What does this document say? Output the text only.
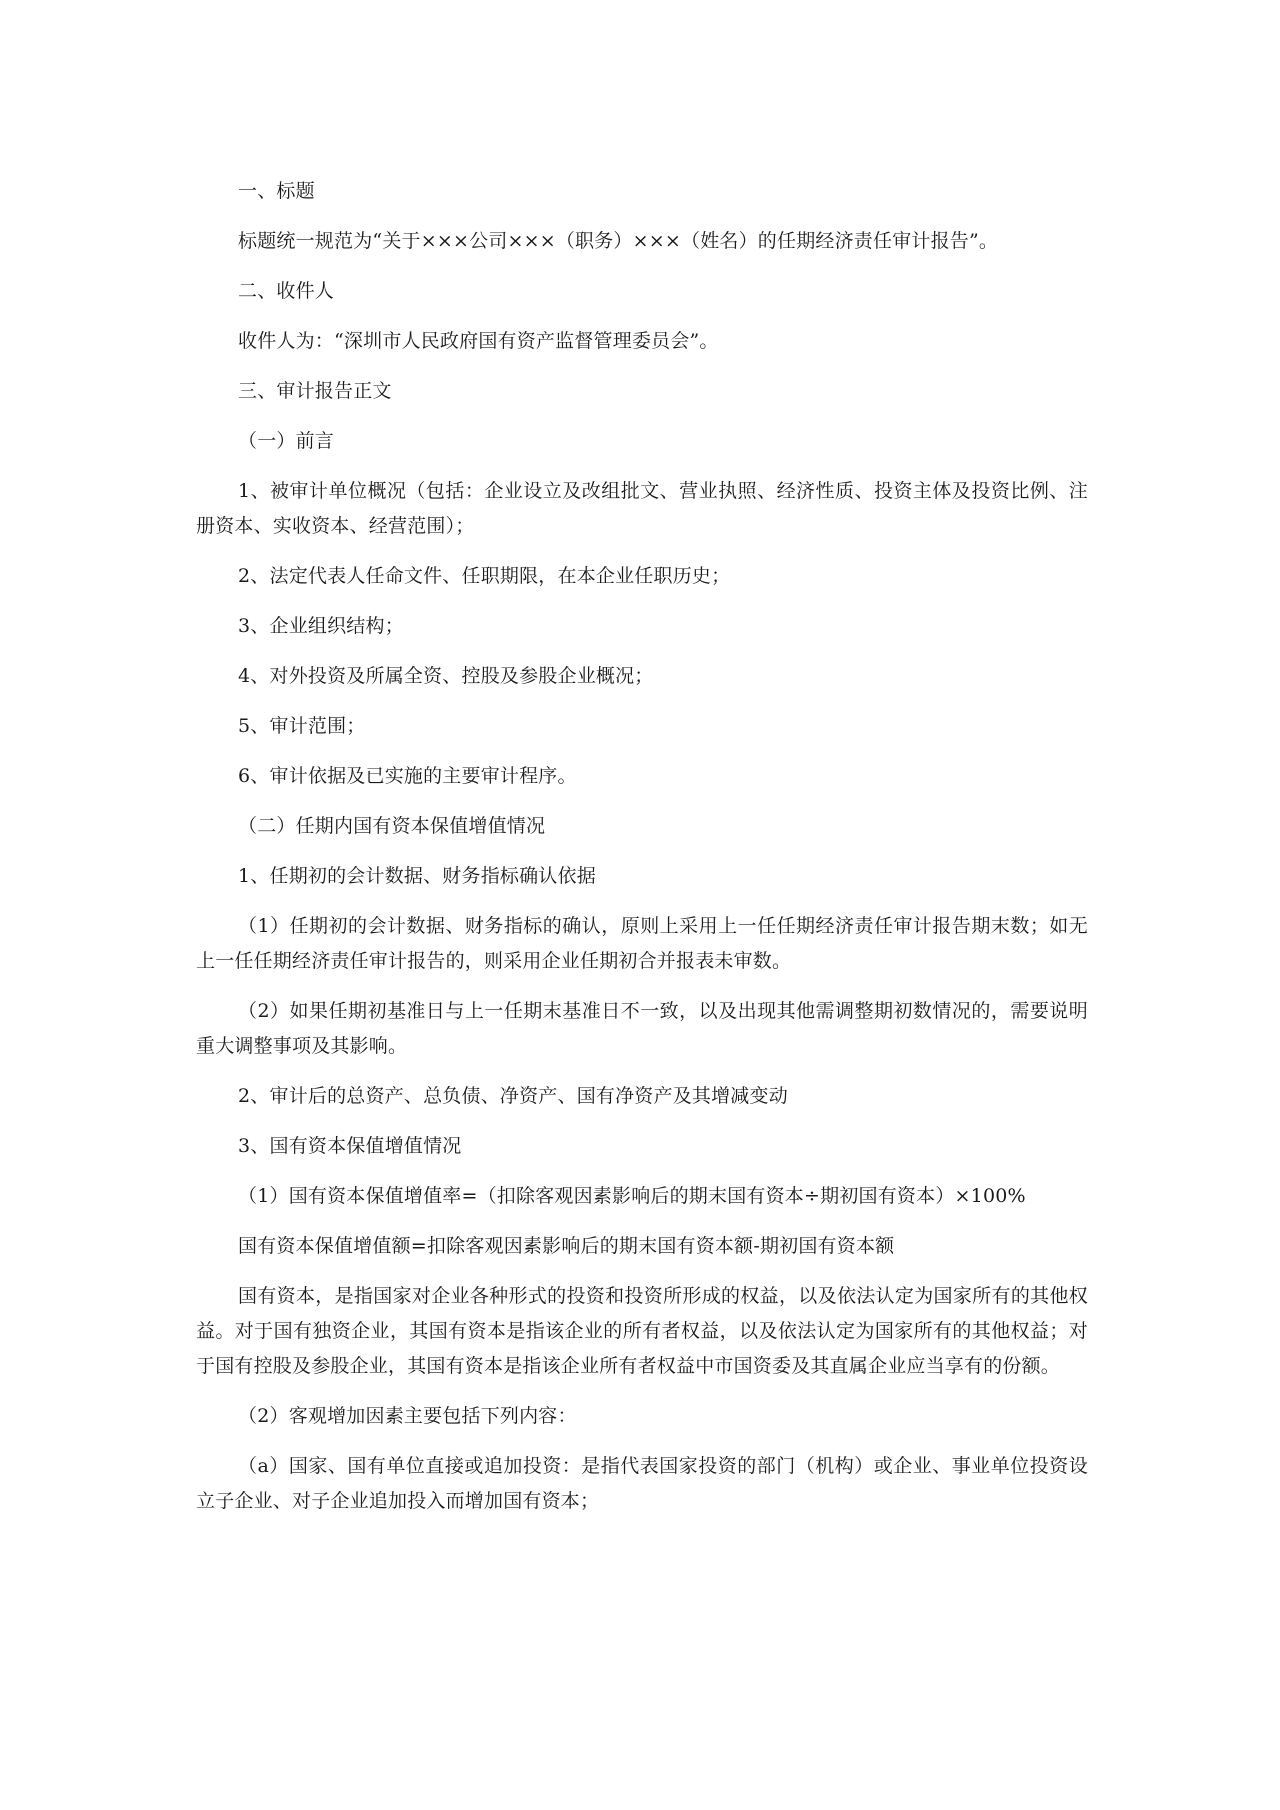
一、标题

标题统一规范为“关于×××公司×××（职务）×××（姓名）的任期经济责任审计报告”。

二、收件人

收件人为：“深圳市人民政府国有资产监督管理委员会”。

三、审计报告正文

（一）前言

1、被审计单位概况（包括：企业设立及改组批文、营业执照、经济性质、投资主体及投资比例、注册资本、实收资本、经营范围）；

2、法定代表人任命文件、任职期限，在本企业任职历史；

3、企业组织结构；

4、对外投资及所属全资、控股及参股企业概况；

5、审计范围；

6、审计依据及已实施的主要审计程序。

（二）任期内国有资本保值增值情况

1、任期初的会计数据、财务指标确认依据

（1）任期初的会计数据、财务指标的确认，原则上采用上一任任期经济责任审计报告期末数；如无上一任任期经济责任审计报告的，则采用企业任期初合并报表未审数。

（2）如果任期初基准日与上一任期末基准日不一致，以及出现其他需调整期初数情况的，需要说明重大调整事项及其影响。

2、审计后的总资产、总负债、净资产、国有净资产及其增减变动

3、国有资本保值增值情况

（1）国有资本保值增值率=（扣除客观因素影响后的期末国有资本÷期初国有资本）×100%

国有资本保值增值额=扣除客观因素影响后的期末国有资本额-期初国有资本额

国有资本，是指国家对企业各种形式的投资和投资所形成的权益，以及依法认定为国家所有的其他权益。对于国有独资企业，其国有资本是指该企业的所有者权益，以及依法认定为国家所有的其他权益；对于国有控股及参股企业，其国有资本是指该企业所有者权益中市国资委及其直属企业应当享有的份额。

（2）客观增加因素主要包括下列内容：

（a）国家、国有单位直接或追加投资：是指代表国家投资的部门（机构）或企业、事业单位投资设立子企业、对子企业追加投入而增加国有资本；
